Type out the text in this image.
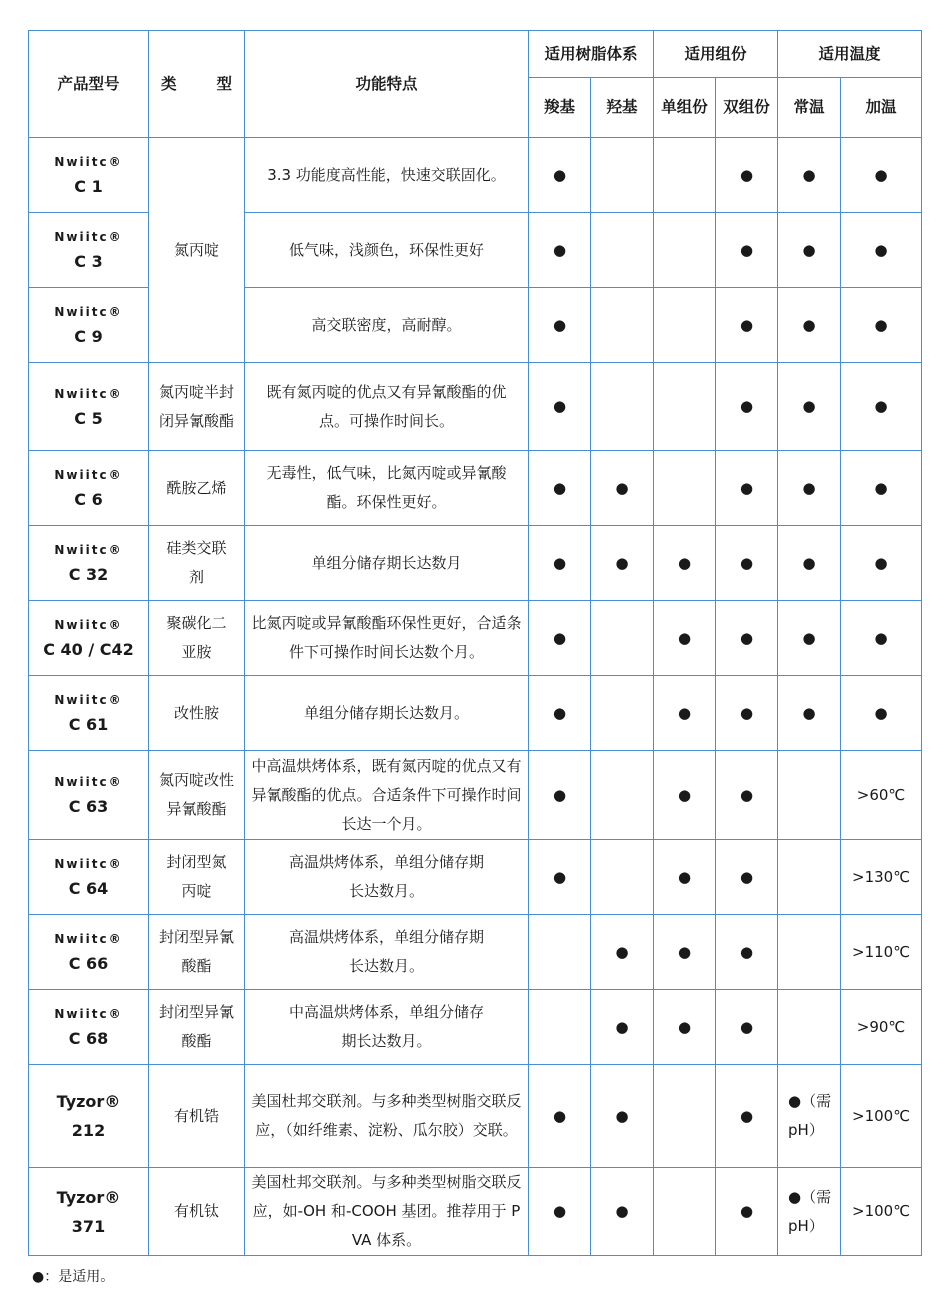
产品型号	类 型	功能特点	适用树脂体系		适用组份		适用温度	
			羧基	羟基	单组份	双组份	常温	加温

Nwiitc®
C 1	氮丙啶	3.3 功能度高性能，快速交联固化。	●			●	●	●

Nwiitc®
C 3		低气味，浅颜色，环保性更好	●			●	●	●

Nwiitc®
C 9		高交联密度，高耐醇。	●			●	●	●

Nwiitc®
C 5	氮丙啶半封闭异氰酸酯	既有氮丙啶的优点又有异氰酸酯的优点。可操作时间长。	●			●	●	●

Nwiitc®
C 6	酰胺乙烯	无毒性，低气味，比氮丙啶或异氰酸酯。环保性更好。	●	●		●	●	●

Nwiitc®
C 32	硅类交联剂	单组分储存期长达数月	●	●	●	●	●	●

Nwiitc®
C 40 / C42	聚碳化二亚胺	比氮丙啶或异氰酸酯环保性更好，合适条件下可操作时间长达数个月。	●		●	●	●	●

Nwiitc®
C 61	改性胺	单组分储存期长达数月。	●		●	●	●	●

Nwiitc®
C 63	氮丙啶改性异氰酸酯	中高温烘烤体系，既有氮丙啶的优点又有异氰酸酯的优点。合适条件下可操作时间长达一个月。	●		●	●		>60℃

Nwiitc®
C 64	封闭型氮丙啶	高温烘烤体系，单组分储存期长达数月。	●		●	●		>130℃

Nwiitc®
C 66	封闭型异氰酸酯	高温烘烤体系，单组分储存期长达数月。		●	●	●		>110℃

Nwiitc®
C 68	封闭型异氰酸酯	中高温烘烤体系，单组分储存期长达数月。		●	●	●		>90℃

Tyzor®
212	有机锆	美国杜邦交联剂。与多种类型树脂交联反应，（如纤维素、淀粉、瓜尔胶）交联。	●	●		●	●（需pH）	>100℃

Tyzor®
371	有机钛	美国杜邦交联剂。与多种类型树脂交联反应，如-OH 和-COOH 基团。推荐用于 PVA 体系。	●	●		●	●（需pH）	>100℃
●：是适用。
